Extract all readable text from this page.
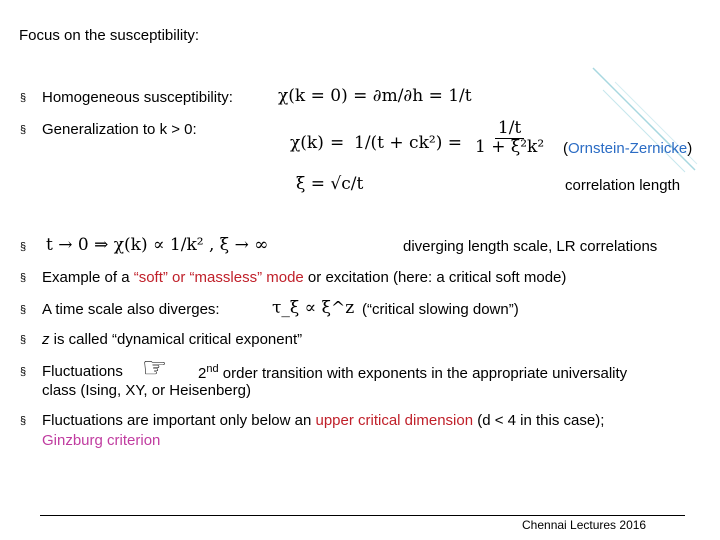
Focus on the susceptibility:
§ Homogeneous susceptibility:	χ(k = 0) = ∂m/∂h = 1/t
§ Generalization to k > 0:
$\chi(k) = 1/(t + ck^2) = \frac{1/t}{\text{1 + ξ²k²}}$ (Ornstein-Zernicke)
ξ = √c/t	correlation length
§ t → 0 ⇒ χ(k) ∝ 1/k² , ξ → ∞	diverging length scale, LR correlations
§ Example of a “soft” or “massless” mode or excitation (here: a critical soft mode)
§ A time scale also diverges:	τ_ξ ∝ ξ^z (“critical slowing down”)
§ z is called “dynamical critical exponent”
§ Fluctuations ☞ 2nd order transition with exponents in the appropriate universality
class (Ising, XY, or Heisenberg)
§ Fluctuations are important only below an upper critical dimension (d < 4 in this case);
Ginzburg criterion
Chennai Lectures 2016
